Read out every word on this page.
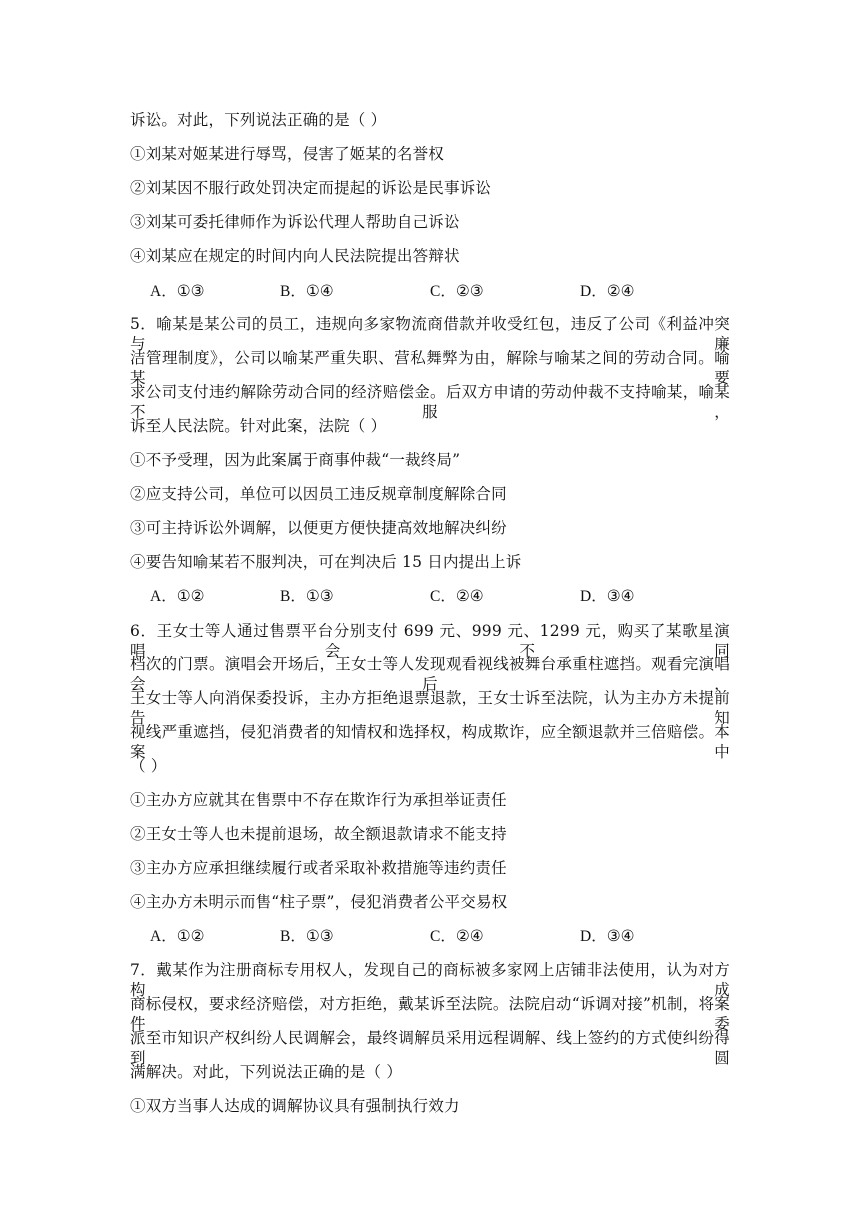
诉讼。对此，下列说法正确的是（ ）
①刘某对姬某进行辱骂，侵害了姬某的名誉权
②刘某因不服行政处罚决定而提起的诉讼是民事诉讼
③刘某可委托律师作为诉讼代理人帮助自己诉讼
④刘某应在规定的时间内向人民法院提出答辩状
A．①③	B．①④	C．②③	D．②④
5．喻某是某公司的员工，违规向多家物流商借款并收受红包，违反了公司《利益冲突与廉
洁管理制度》，公司以喻某严重失职、营私舞弊为由，解除与喻某之间的劳动合同。喻某要
求公司支付违约解除劳动合同的经济赔偿金。后双方申请的劳动仲裁不支持喻某，喻某不服，
诉至人民法院。针对此案，法院（ ）
①不予受理，因为此案属于商事仲裁“一裁终局”
②应支持公司，单位可以因员工违反规章制度解除合同
③可主持诉讼外调解，以便更方便快捷高效地解决纠纷
④要告知喻某若不服判决，可在判决后 15 日内提出上诉
A．①②	B．①③	C．②④	D．③④
6．王女士等人通过售票平台分别支付 699 元、999 元、1299 元，购买了某歌星演唱会不同
档次的门票。演唱会开场后，王女士等人发现观看视线被舞台承重柱遮挡。观看完演唱会后，
王女士等人向消保委投诉，主办方拒绝退票退款，王女士诉至法院，认为主办方未提前告知
视线严重遮挡，侵犯消费者的知情权和选择权，构成欺诈，应全额退款并三倍赔偿。本案中
（ ）
①主办方应就其在售票中不存在欺诈行为承担举证责任
②王女士等人也未提前退场，故全额退款请求不能支持
③主办方应承担继续履行或者采取补救措施等违约责任
④主办方未明示而售“柱子票”，侵犯消费者公平交易权
A．①②	B．①③	C．②④	D．③④
7．戴某作为注册商标专用权人，发现自己的商标被多家网上店铺非法使用，认为对方构成
商标侵权，要求经济赔偿，对方拒绝，戴某诉至法院。法院启动“诉调对接”机制，将案件委
派至市知识产权纠纷人民调解会，最终调解员采用远程调解、线上签约的方式使纠纷得到圆
满解决。对此，下列说法正确的是（ ）
①双方当事人达成的调解协议具有强制执行效力
